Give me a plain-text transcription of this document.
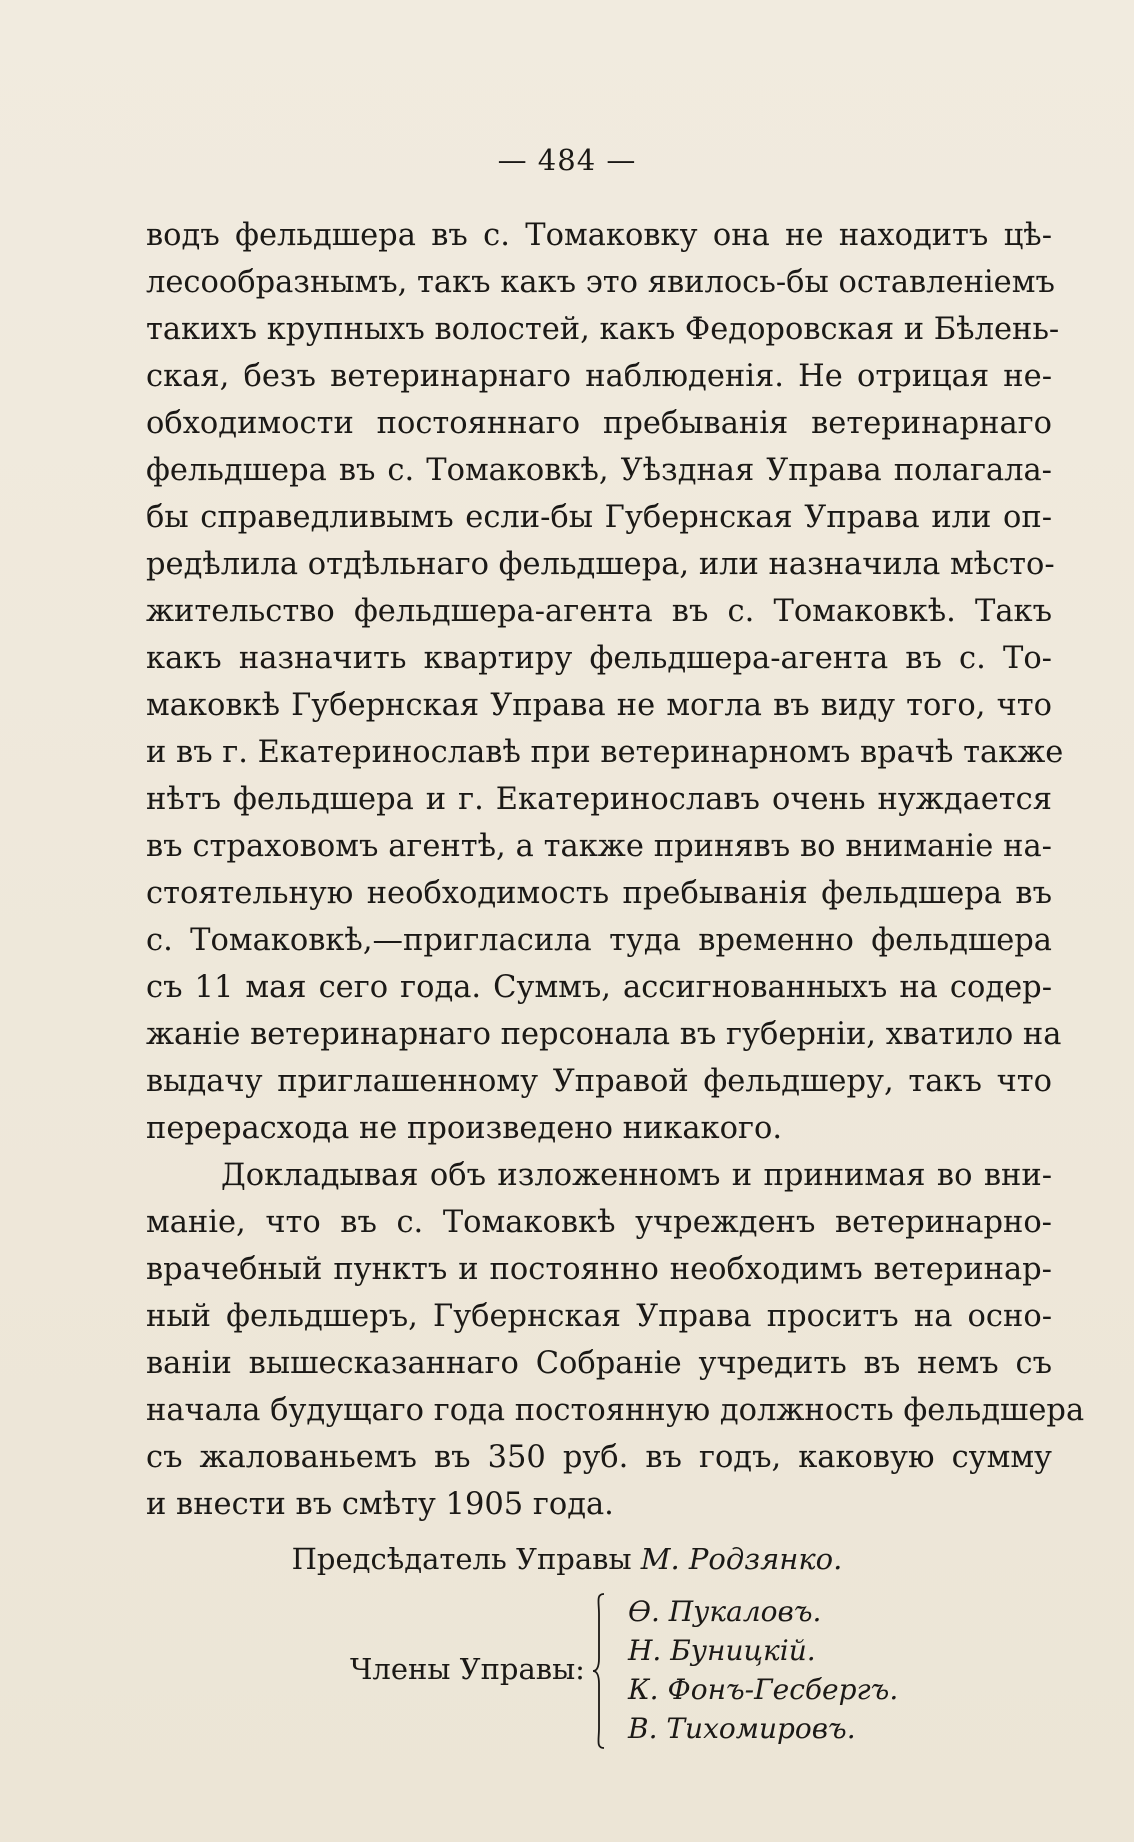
— 484 —
водъ фельдшера въ с. Томаковку она не находитъ цѣ-
лесообразнымъ, такъ какъ это явилось-бы оставленіемъ
такихъ крупныхъ волостей, какъ Федоровская и Бѣлень-
ская, безъ ветеринарнаго наблюденія. Не отрицая не-
обходимости постояннаго пребыванія ветеринарнаго
фельдшера въ с. Томаковкѣ, Уѣздная Управа полагала-
бы справедливымъ если-бы Губернская Управа или оп-
редѣлила отдѣльнаго фельдшера, или назначила мѣсто-
жительство фельдшера-агента въ с. Томаковкѣ. Такъ
какъ назначить квартиру фельдшера-агента въ с. То-
маковкѣ Губернская Управа не могла въ виду того, что
и въ г. Екатеринославѣ при ветеринарномъ врачѣ также
нѣтъ фельдшера и г. Екатеринославъ очень нуждается
въ страховомъ агентѣ, а также принявъ во вниманіе на-
стоятельную необходимость пребыванія фельдшера въ
с. Томаковкѣ,—пригласила туда временно фельдшера
съ 11 мая сего года. Суммъ, ассигнованныхъ на содер-
жаніе ветеринарнаго персонала въ губерніи, хватило на
выдачу приглашенному Управой фельдшеру, такъ что
перерасхода не произведено никакого.
Докладывая объ изложенномъ и принимая во вни-
маніе, что въ с. Томаковкѣ учрежденъ ветеринарно-
врачебный пунктъ и постоянно необходимъ ветеринар-
ный фельдшеръ, Губернская Управа проситъ на осно-
ваніи вышесказаннаго Собраніе учредить въ немъ съ
начала будущаго года постоянную должность фельдшера
съ жалованьемъ въ 350 руб. въ годъ, каковую сумму
и внести въ смѣту 1905 года.
Предсѣдатель Управы М. Родзянко.
Члены Управы:
Ѳ. Пукаловъ.
Н. Буницкій.
К. Фонъ-Гесбергъ.
В. Тихомировъ.
